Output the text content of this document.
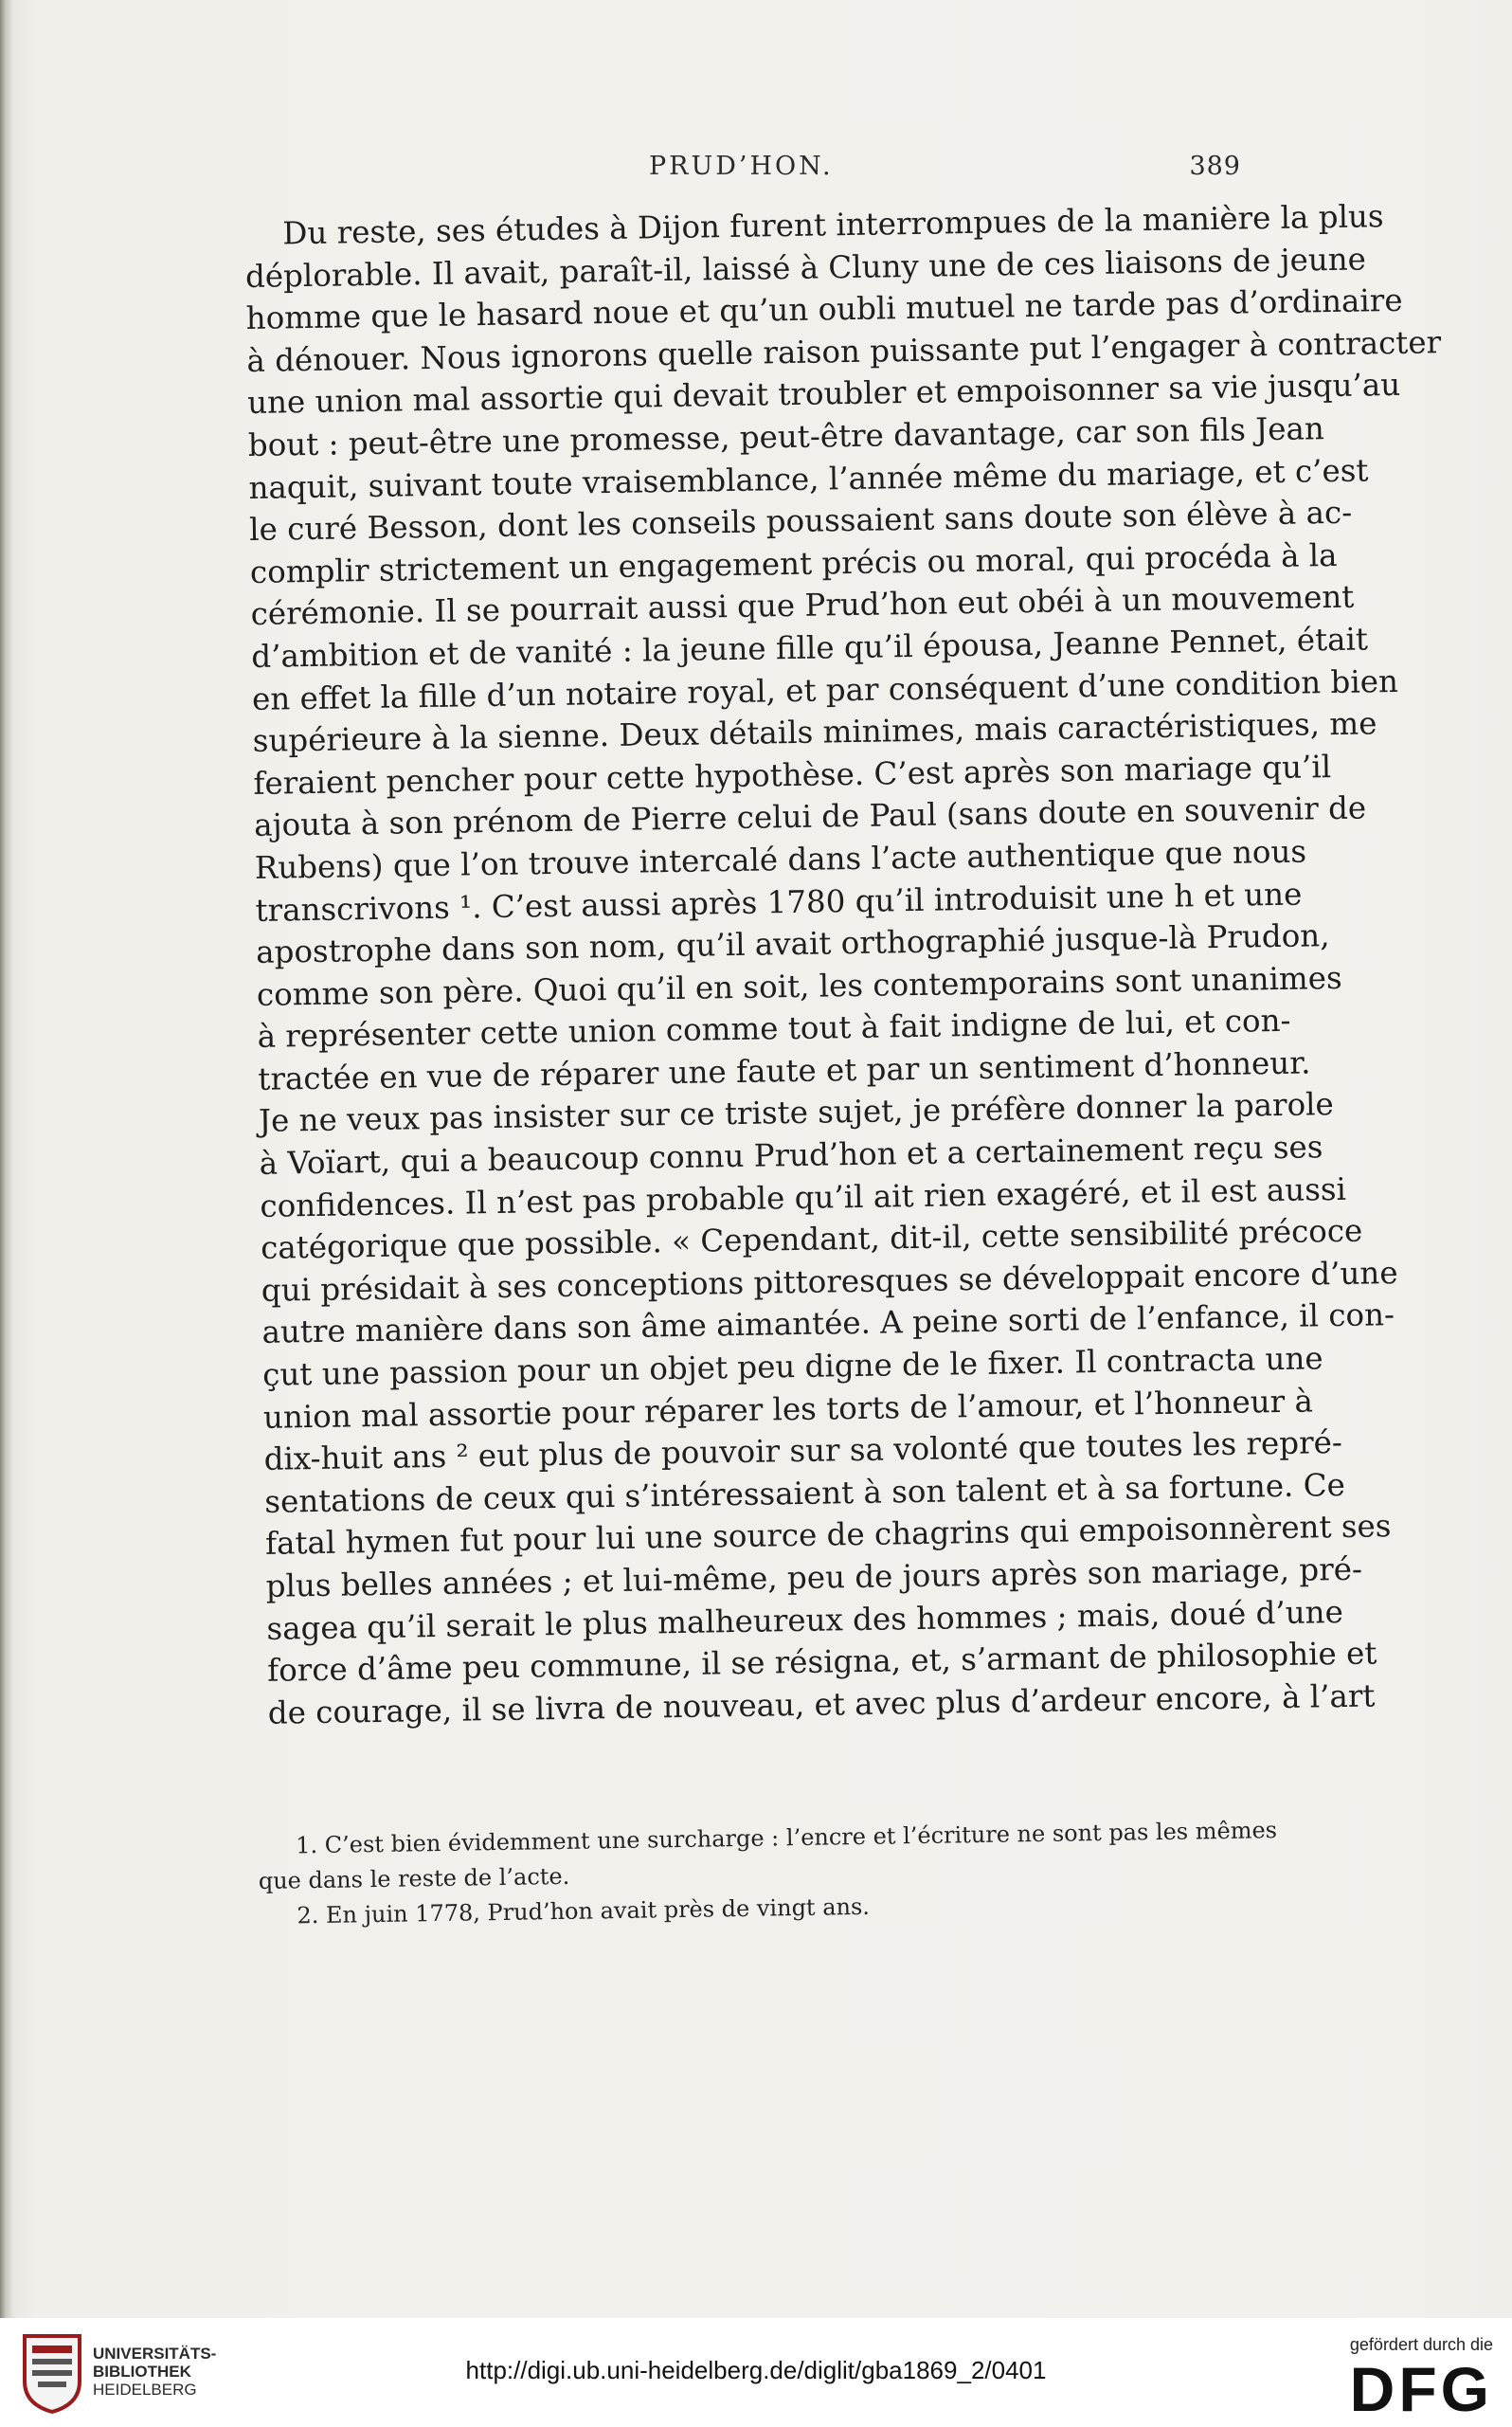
PRUD’HON.	389
Du reste, ses études à Dijon furent interrompues de la manière la plus
déplorable. Il avait, paraît-il, laissé à Cluny une de ces liaisons de jeune
homme que le hasard noue et qu’un oubli mutuel ne tarde pas d’ordinaire
à dénouer. Nous ignorons quelle raison puissante put l’engager à contracter
une union mal assortie qui devait troubler et empoisonner sa vie jusqu’au
bout : peut-être une promesse, peut-être davantage, car son fils Jean
naquit, suivant toute vraisemblance, l’année même du mariage, et c’est
le curé Besson, dont les conseils poussaient sans doute son élève à ac-
complir strictement un engagement précis ou moral, qui procéda à la
cérémonie. Il se pourrait aussi que Prud’hon eut obéi à un mouvement
d’ambition et de vanité : la jeune fille qu’il épousa, Jeanne Pennet, était
en effet la fille d’un notaire royal, et par conséquent d’une condition bien
supérieure à la sienne. Deux détails minimes, mais caractéristiques, me
feraient pencher pour cette hypothèse. C’est après son mariage qu’il
ajouta à son prénom de Pierre celui de Paul (sans doute en souvenir de
Rubens) que l’on trouve intercalé dans l’acte authentique que nous
transcrivons ¹. C’est aussi après 1780 qu’il introduisit une h et une
apostrophe dans son nom, qu’il avait orthographié jusque-là Prudon,
comme son père. Quoi qu’il en soit, les contemporains sont unanimes
à représenter cette union comme tout à fait indigne de lui, et con-
tractée en vue de réparer une faute et par un sentiment d’honneur.
Je ne veux pas insister sur ce triste sujet, je préfère donner la parole
à Voïart, qui a beaucoup connu Prud’hon et a certainement reçu ses
confidences. Il n’est pas probable qu’il ait rien exagéré, et il est aussi
catégorique que possible. « Cependant, dit-il, cette sensibilité précoce
qui présidait à ses conceptions pittoresques se développait encore d’une
autre manière dans son âme aimantée. A peine sorti de l’enfance, il con-
çut une passion pour un objet peu digne de le fixer. Il contracta une
union mal assortie pour réparer les torts de l’amour, et l’honneur à
dix-huit ans ² eut plus de pouvoir sur sa volonté que toutes les repré-
sentations de ceux qui s’intéressaient à son talent et à sa fortune. Ce
fatal hymen fut pour lui une source de chagrins qui empoisonnèrent ses
plus belles années ; et lui-même, peu de jours après son mariage, pré-
sagea qu’il serait le plus malheureux des hommes ; mais, doué d’une
force d’âme peu commune, il se résigna, et, s’armant de philosophie et
de courage, il se livra de nouveau, et avec plus d’ardeur encore, à l’art
1. C’est bien évidemment une surcharge : l’encre et l’écriture ne sont pas les mêmes
que dans le reste de l’acte.
2. En juin 1778, Prud’hon avait près de vingt ans.
UNIVERSITÄTS-
BIBLIOTHEK
HEIDELBERG
http://digi.ub.uni-heidelberg.de/diglit/gba1869_2/0401
gefördert durch die
DFG
